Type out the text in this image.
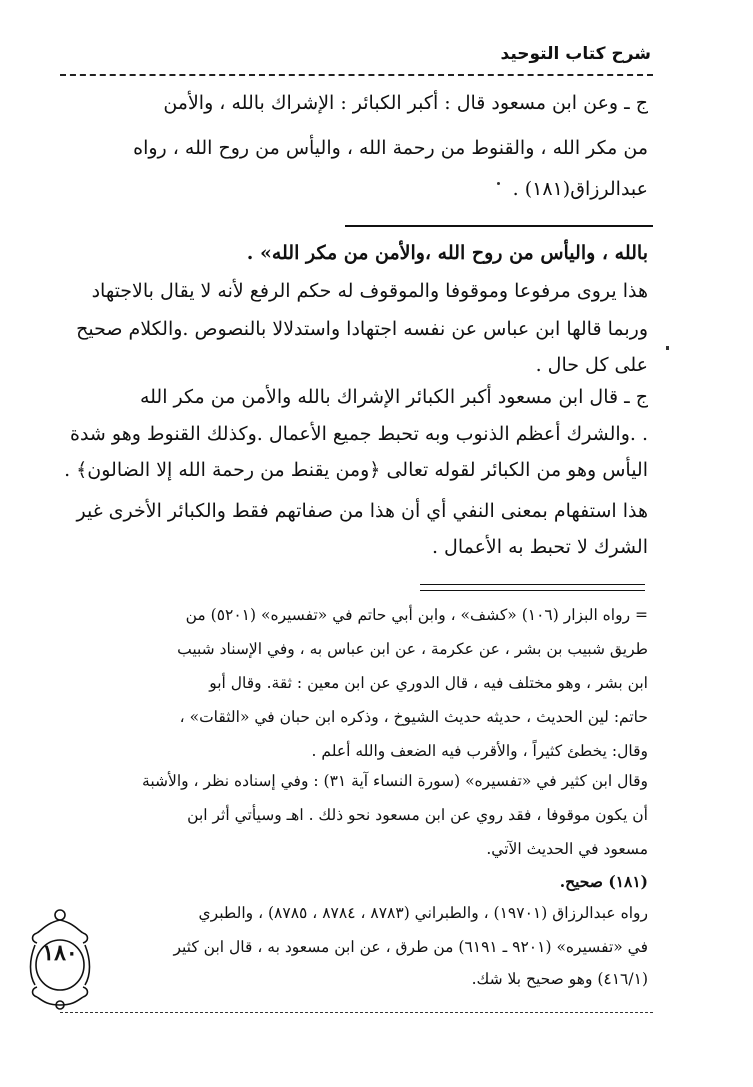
شرح كتاب التوحيد
ج ـ وعن ابن مسعود قال : أكبر الكبائر : الإشراك بالله ، والأمن
من مكر الله ، والقنوط من رحمة الله ، واليأس من روح الله ، رواه
عبدالرزاق(١٨١) .
بالله ، واليأس من روح الله ،والأمن من مكر الله» .
هذا يروى مرفوعا وموقوفا والموقوف له حكم الرفع لأنه لا يقال بالاجتهاد
وربما قالها ابن عباس عن نفسه اجتهادا واستدلالا بالنصوص .والكلام صحيح
على كل حال .
ج ـ قال ابن مسعود أكبر الكبائر الإشراك بالله والأمن من مكر الله
. .والشرك أعظم الذنوب وبه تحبط جميع الأعمال .وكذلك القنوط وهو شدة
اليأس وهو من الكبائر لقوله تعالى ﴿ومن يقنط من رحمة الله إلا الضالون﴾ .
هذا استفهام بمعنى النفي أي أن هذا من صفاتهم فقط والكبائر الأخرى غير
الشرك لا تحبط به الأعمال .
= رواه البزار (١٠٦) «كشف» ، وابن أبي حاتم في «تفسيره» (٥٢٠١) من
طريق شبيب بن بشر ، عن عكرمة ، عن ابن عباس به ، وفي الإسناد شبيب
ابن بشر ، وهو مختلف فيه ، قال الدوري عن ابن معين : ثقة. وقال أبو
حاتم: لين الحديث ، حديثه حديث الشيوخ ، وذكره ابن حبان في «الثقات» ،
وقال: يخطئ كثيراً ، والأقرب فيه الضعف والله أعلم .
وقال ابن كثير في «تفسيره» (سورة النساء آية ٣١) : وفي إسناده نظر ، والأشبة
أن يكون موقوفا ، فقد روي عن ابن مسعود نحو ذلك . اهـ وسيأتي أثر ابن
مسعود في الحديث الآتي.
(١٨١) صحيح.
رواه عبدالرزاق (١٩٧٠١) ، والطبراني (٨٧٨٣ ، ٨٧٨٤ ، ٨٧٨٥) ، والطبري
في «تفسيره» (٩٢٠١ ـ ٦١٩١) من طرق ، عن ابن مسعود به ، قال ابن كثير
(٤١٦/١) وهو صحيح بلا شك.
١٨٠
